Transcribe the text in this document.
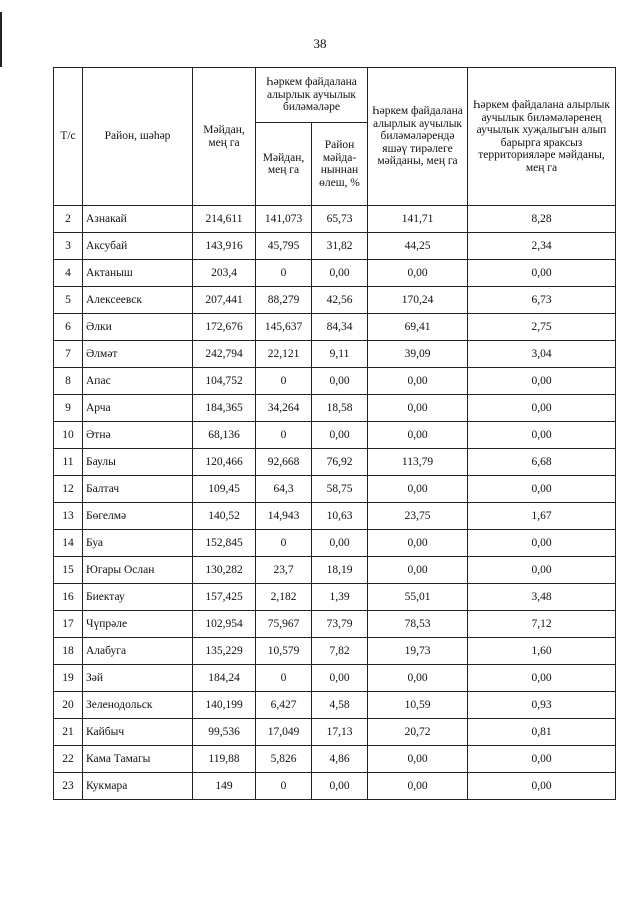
38
Т/с	Район, шәһәр	Мәйдан, мең га	Һәркем файдалана алырлык аучылык биләмәләре		Һәркем файдалана алырлык аучылык биләмәләрендә яшәү тирәлеге мәйданы, мең га	Һәркем файдалана алырлык аучылык биләмәләренең аучылык хуҗалыгын алып барырга яраксыз территорияләре мәйданы, мең га
			Мәйдан, мең га	Район мәйда-ныннан өлеш, %		
2	Азнакай	214,611	141,073	65,73	141,71	8,28
3	Аксубай	143,916	45,795	31,82	44,25	2,34
4	Актаныш	203,4	0	0,00	0,00	0,00
5	Алексеевск	207,441	88,279	42,56	170,24	6,73
6	Әлки	172,676	145,637	84,34	69,41	2,75
7	Әлмәт	242,794	22,121	9,11	39,09	3,04
8	Апас	104,752	0	0,00	0,00	0,00
9	Арча	184,365	34,264	18,58	0,00	0,00
10	Әтнә	68,136	0	0,00	0,00	0,00
11	Баулы	120,466	92,668	76,92	113,79	6,68
12	Балтач	109,45	64,3	58,75	0,00	0,00
13	Бөгелмә	140,52	14,943	10,63	23,75	1,67
14	Буа	152,845	0	0,00	0,00	0,00
15	Югары Ослан	130,282	23,7	18,19	0,00	0,00
16	Биектау	157,425	2,182	1,39	55,01	3,48
17	Чүпрәле	102,954	75,967	73,79	78,53	7,12
18	Алабуга	135,229	10,579	7,82	19,73	1,60
19	Зәй	184,24	0	0,00	0,00	0,00
20	Зеленодольск	140,199	6,427	4,58	10,59	0,93
21	Кайбыч	99,536	17,049	17,13	20,72	0,81
22	Кама Тамагы	119,88	5,826	4,86	0,00	0,00
23	Кукмара	149	0	0,00	0,00	0,00
